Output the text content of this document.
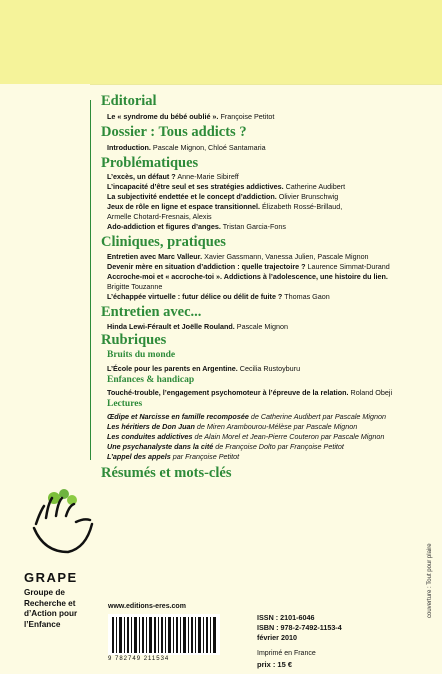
Editorial
Le « syndrome du bébé oublié ». Françoise Petitot
Dossier : Tous addicts ?
Introduction. Pascale Mignon, Chloé Santamaria
Problématiques
L’excès, un défaut ? Anne-Marie Sibireff
L’incapacité d’être seul et ses stratégies addictives. Catherine Audibert
La subjectivité endettée et le concept d’addiction. Olivier Brunschwig
Jeux de rôle en ligne et espace transitionnel. Élizabeth Rossé-Brillaud,
Armelle Chotard-Fresnais, Alexis
Ado-addiction et figures d’anges. Tristan Garcia-Fons
Cliniques, pratiques
Entretien avec Marc Valleur. Xavier Gassmann, Vanessa Julien, Pascale Mignon
Devenir mère en situation d’addiction : quelle trajectoire ? Laurence Simmat-Durand
Accroche-moi et « accroche-toi ». Addictions à l’adolescence, une histoire du lien.
Brigitte Touzanne
L’échappée virtuelle : futur délice ou délit de fuite ? Thomas Gaon
Entretien avec...
Hinda Lewi-Férault et Joëlle Rouland. Pascale Mignon
Rubriques
Bruits du monde
L’École pour les parents en Argentine. Cecilia Rustoyburu
Enfances & handicap
Touché-trouble, l’engagement psychomoteur à l’épreuve de la relation. Roland Obeji
Lectures
Œdipe et Narcisse en famille recomposée de Catherine Audibert par Pascale Mignon
Les héritiers de Don Juan de Miren Arambourou-Mélèse par Pascale Mignon
Les conduites addictives de Alain Morel et Jean-Pierre Couteron par Pascale Mignon
Une psychanalyste dans la cité de Françoise Dolto par Françoise Petitot
L’appel des appels par Françoise Petitot
Résumés et mots-clés
GRAPE
Groupe de
Recherche et
d’Action pour
l’Enfance
www.editions-eres.com
9 782749 211534
ISSN : 2101-6046
ISBN : 978-2-7492-1153-4
février 2010
Imprimé en France
prix : 15 €
couverture : Tout pour plaire
